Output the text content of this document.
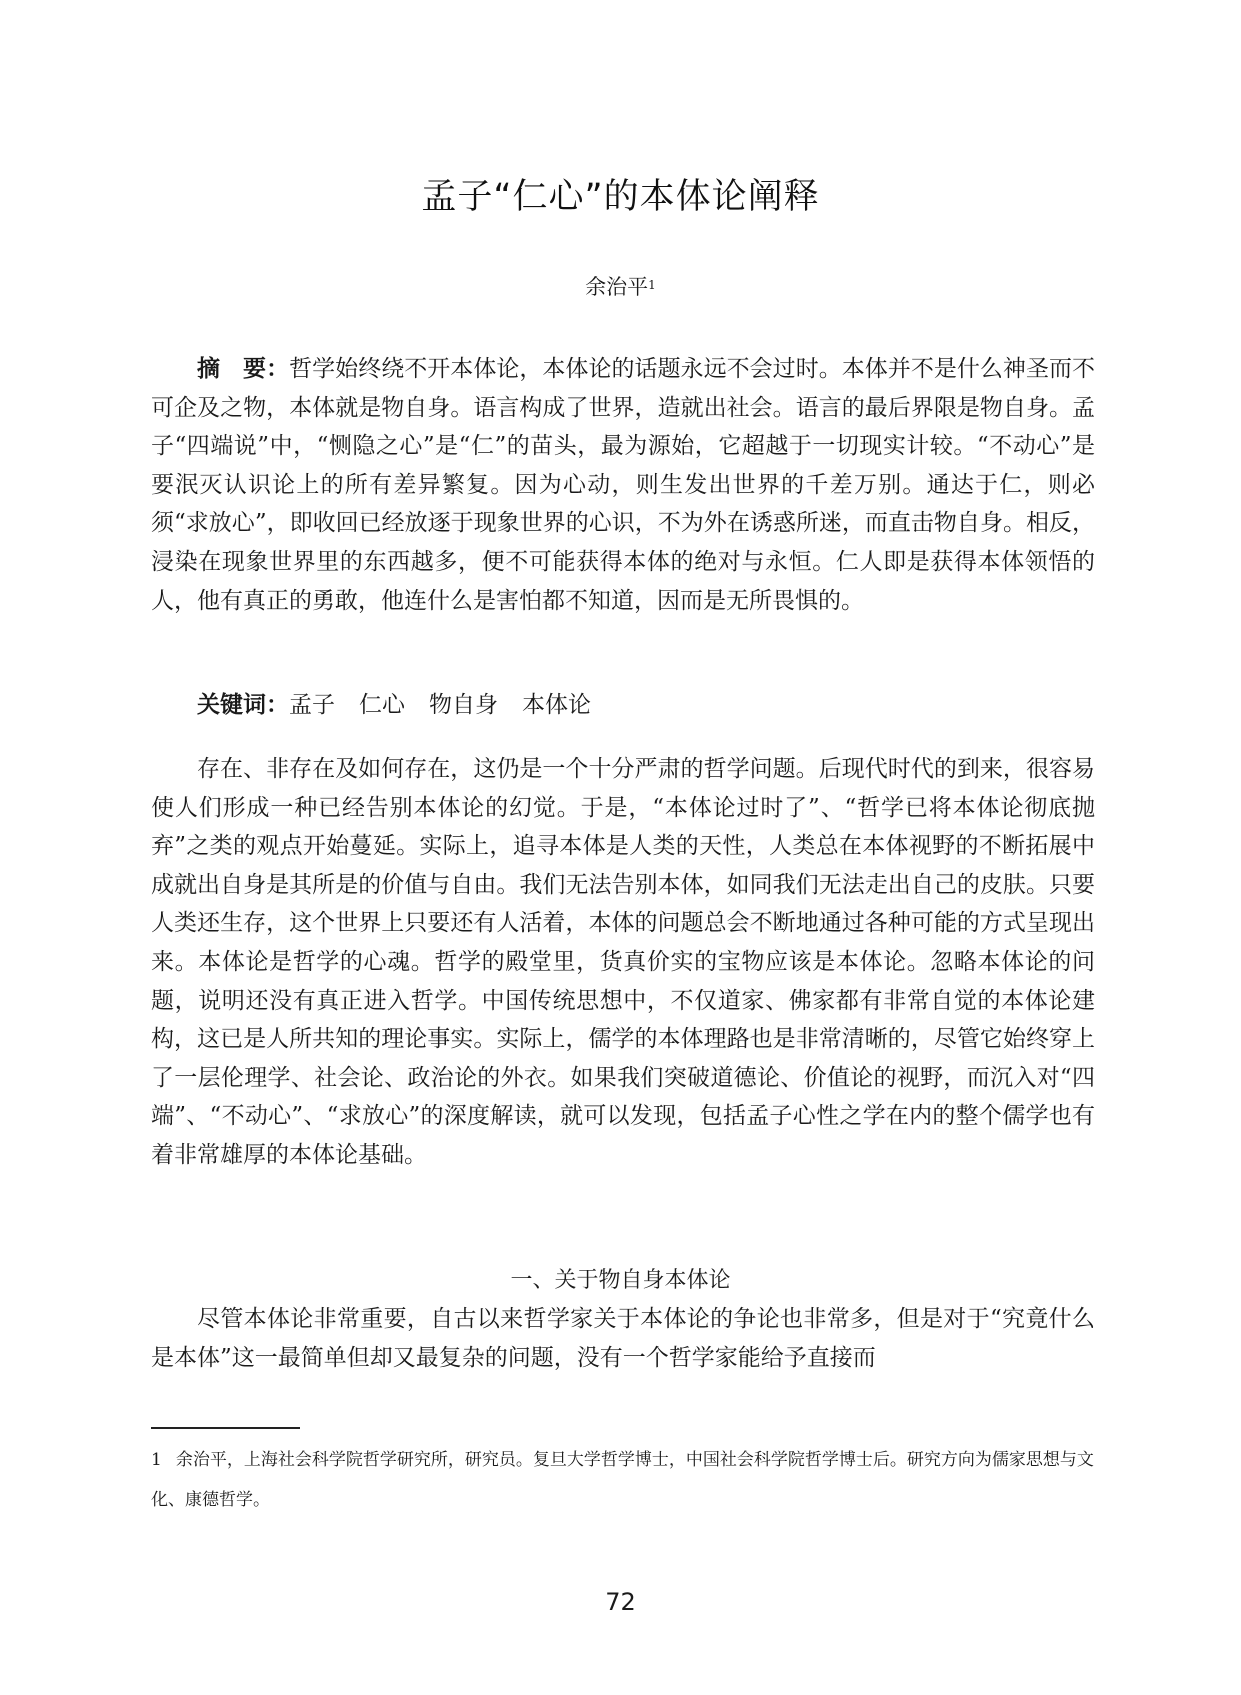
孟子“仁心”的本体论阐释
余治平$^1$

摘　要：哲学始终绕不开本体论，本体论的话题永远不会过时。本体并不是什么神圣而不可企及之物，本体就是物自身。语言构成了世界，造就出社会。语言的最后界限是物自身。孟子“四端说”中，“恻隐之心”是“仁”的苗头，最为源始，它超越于一切现实计较。“不动心”是要泯灭认识论上的所有差异繁复。因为心动，则生发出世界的千差万别。通达于仁，则必须“求放心”，即收回已经放逐于现象世界的心识，不为外在诱惑所迷，而直击物自身。相反，浸染在现象世界里的东西越多，便不可能获得本体的绝对与永恒。仁人即是获得本体领悟的人，他有真正的勇敢，他连什么是害怕都不知道，因而是无所畏惧的。

关键词：孟子 仁心 物自身 本体论

存在、非存在及如何存在，这仍是一个十分严肃的哲学问题。后现代时代的到来，很容易使人们形成一种已经告别本体论的幻觉。于是，“本体论过时了”、“哲学已将本体论彻底抛弃”之类的观点开始蔓延。实际上，追寻本体是人类的天性，人类总在本体视野的不断拓展中成就出自身是其所是的价值与自由。我们无法告别本体，如同我们无法走出自己的皮肤。只要人类还生存，这个世界上只要还有人活着，本体的问题总会不断地通过各种可能的方式呈现出来。本体论是哲学的心魂。哲学的殿堂里，货真价实的宝物应该是本体论。忽略本体论的问题，说明还没有真正进入哲学。中国传统思想中，不仅道家、佛家都有非常自觉的本体论建构，这已是人所共知的理论事实。实际上，儒学的本体理路也是非常清晰的，尽管它始终穿上了一层伦理学、社会论、政治论的外衣。如果我们突破道德论、价值论的视野，而沉入对“四端”、“不动心”、“求放心”的深度解读，就可以发现，包括孟子心性之学在内的整个儒学也有着非常雄厚的本体论基础。

一、关于物自身本体论

尽管本体论非常重要，自古以来哲学家关于本体论的争论也非常多，但是对于“究竟什么是本体”这一最简单但却又最复杂的问题，没有一个哲学家能给予直接而

1 余治平，上海社会科学院哲学研究所，研究员。复旦大学哲学博士，中国社会科学院哲学博士后。研究方向为儒家思想与文化、康德哲学。

72
